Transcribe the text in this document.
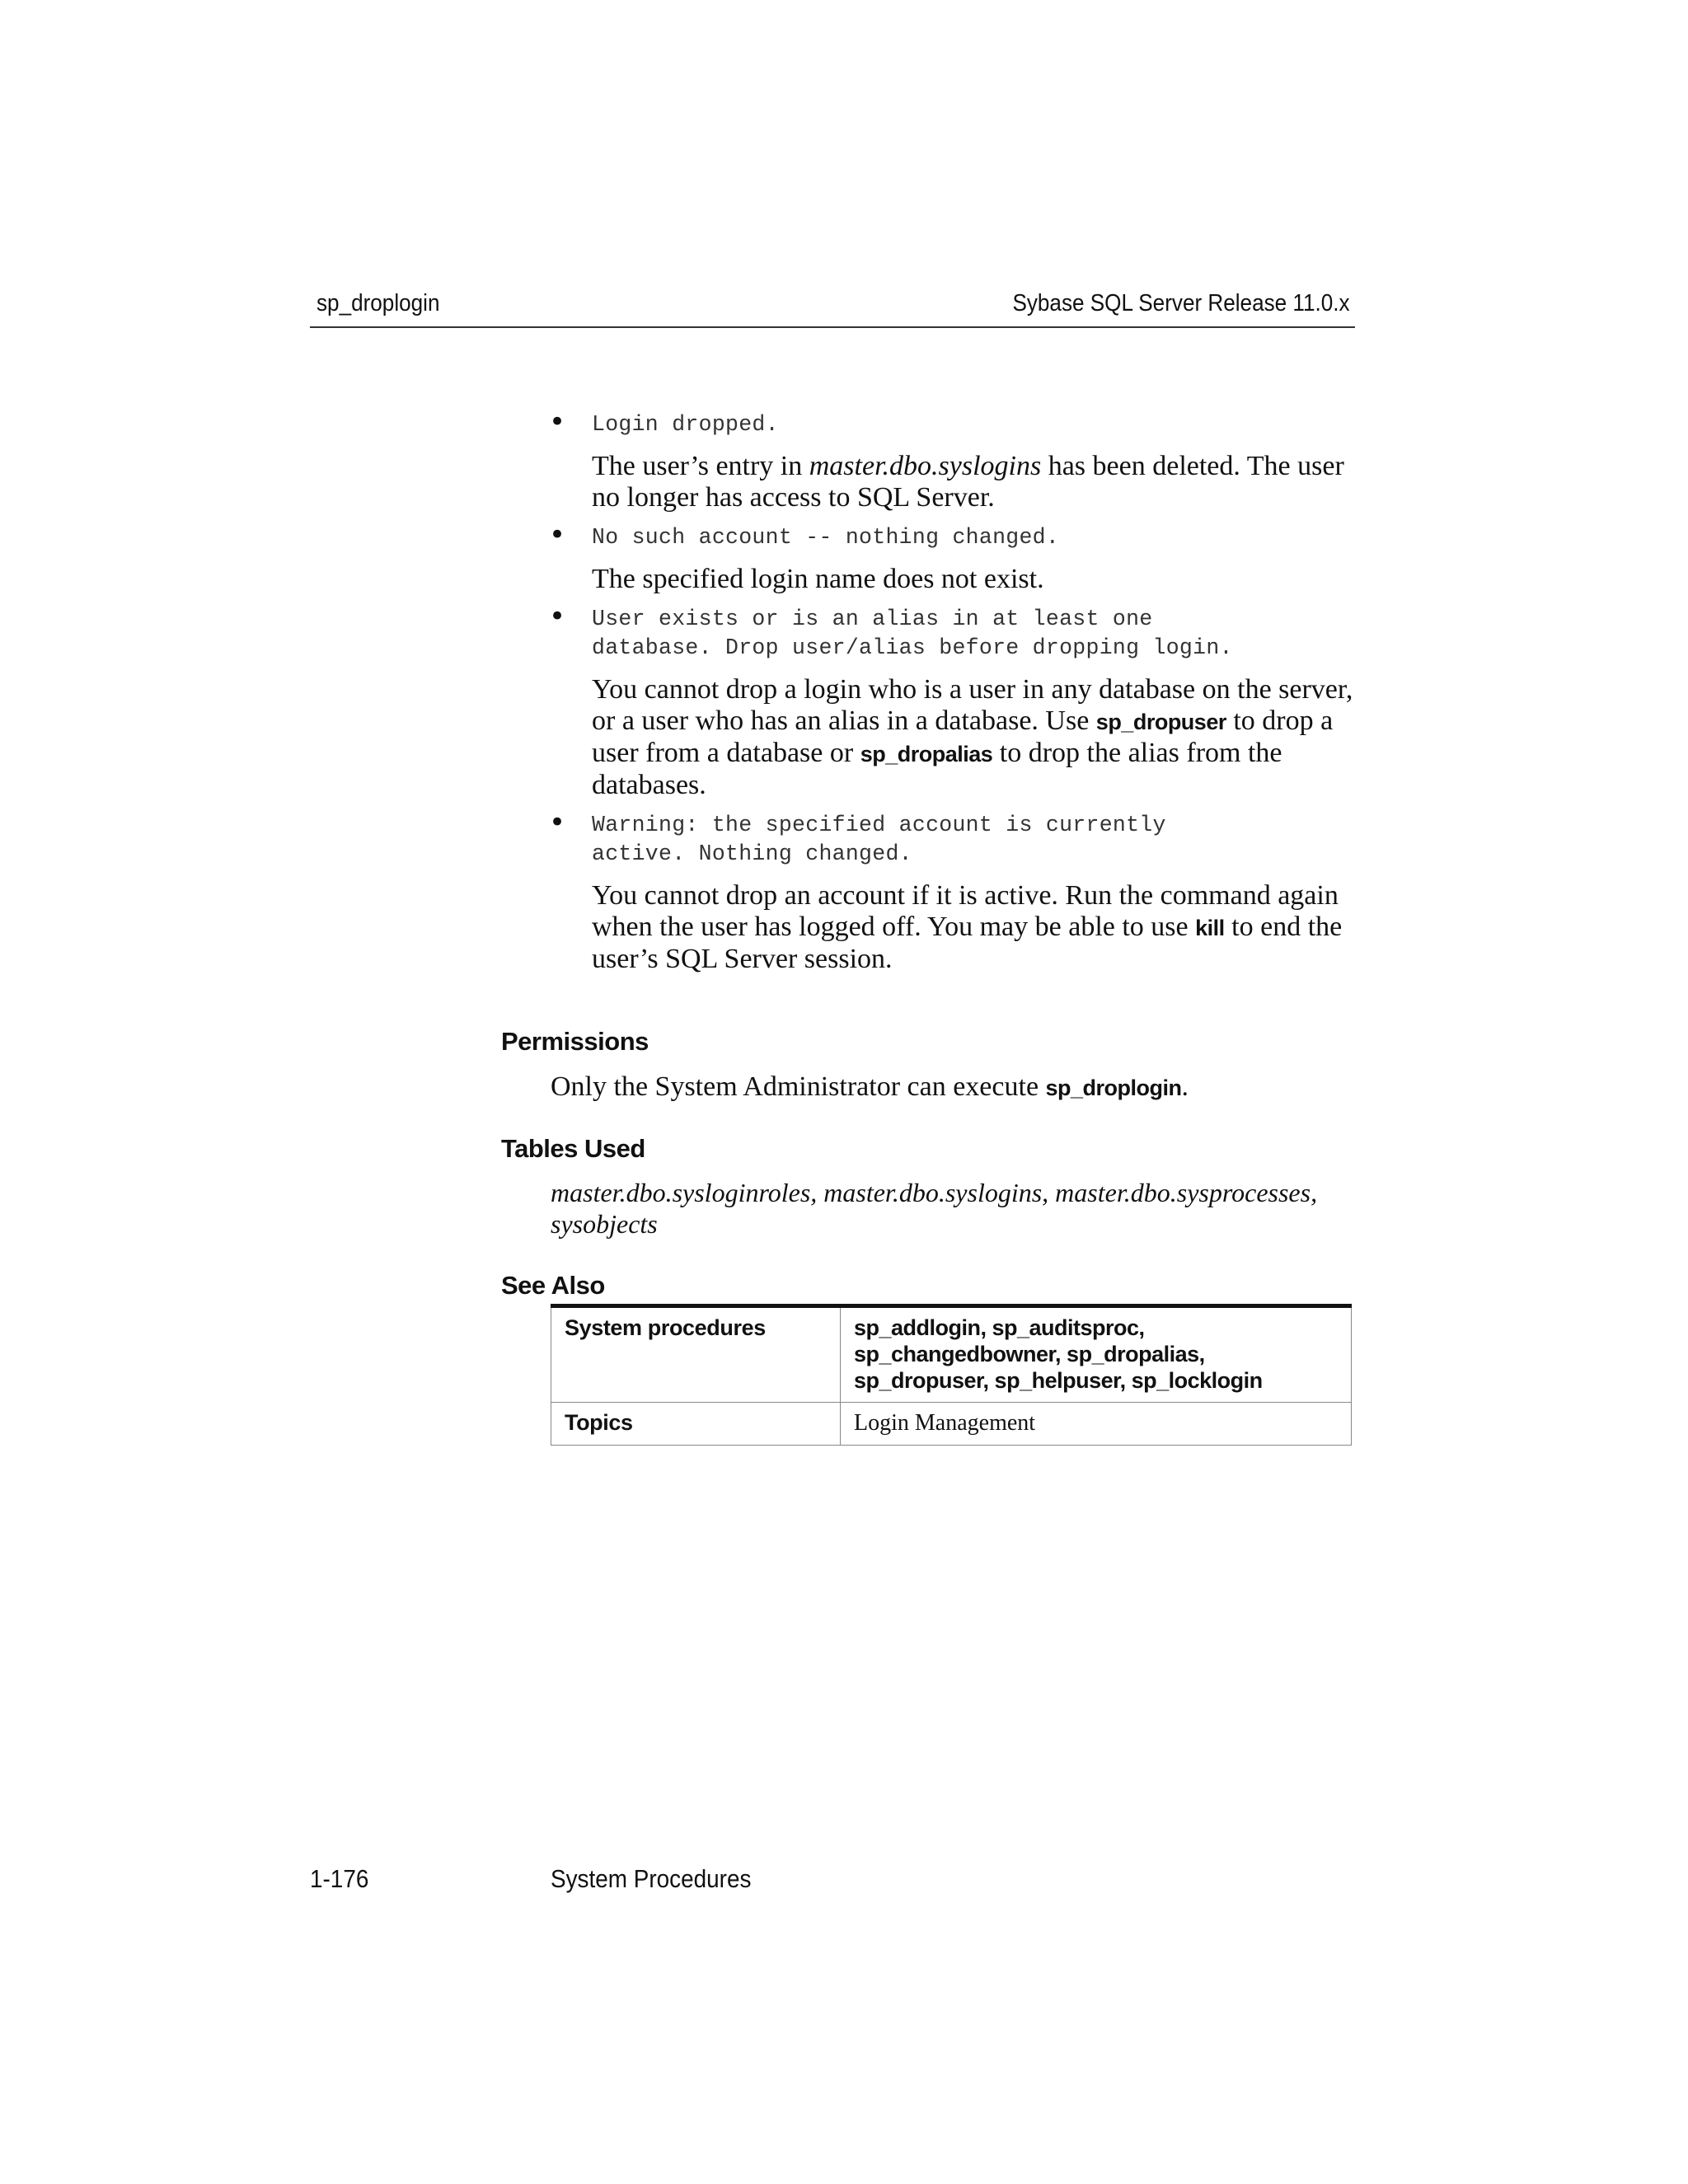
sp_droplogin	Sybase SQL Server Release 11.0.x
• Login dropped.
The user’s entry in master.dbo.syslogins has been deleted. The user no longer has access to SQL Server.
• No such account -- nothing changed.
The specified login name does not exist.
• User exists or is an alias in at least one
database. Drop user/alias before dropping login.
You cannot drop a login who is a user in any database on the server, or a user who has an alias in a database. Use sp_dropuser to drop a user from a database or sp_dropalias to drop the alias from the databases.
• Warning: the specified account is currently
active. Nothing changed.
You cannot drop an account if it is active. Run the command again when the user has logged off. You may be able to use kill to end the user’s SQL Server session.
Permissions
Only the System Administrator can execute sp_droplogin.
Tables Used
master.dbo.sysloginroles, master.dbo.syslogins, master.dbo.sysprocesses, sysobjects
See Also
System procedures	sp_addlogin, sp_auditsproc, sp_changedbowner, sp_dropalias, sp_dropuser, sp_helpuser, sp_locklogin
Topics	Login Management
1-176	System Procedures
